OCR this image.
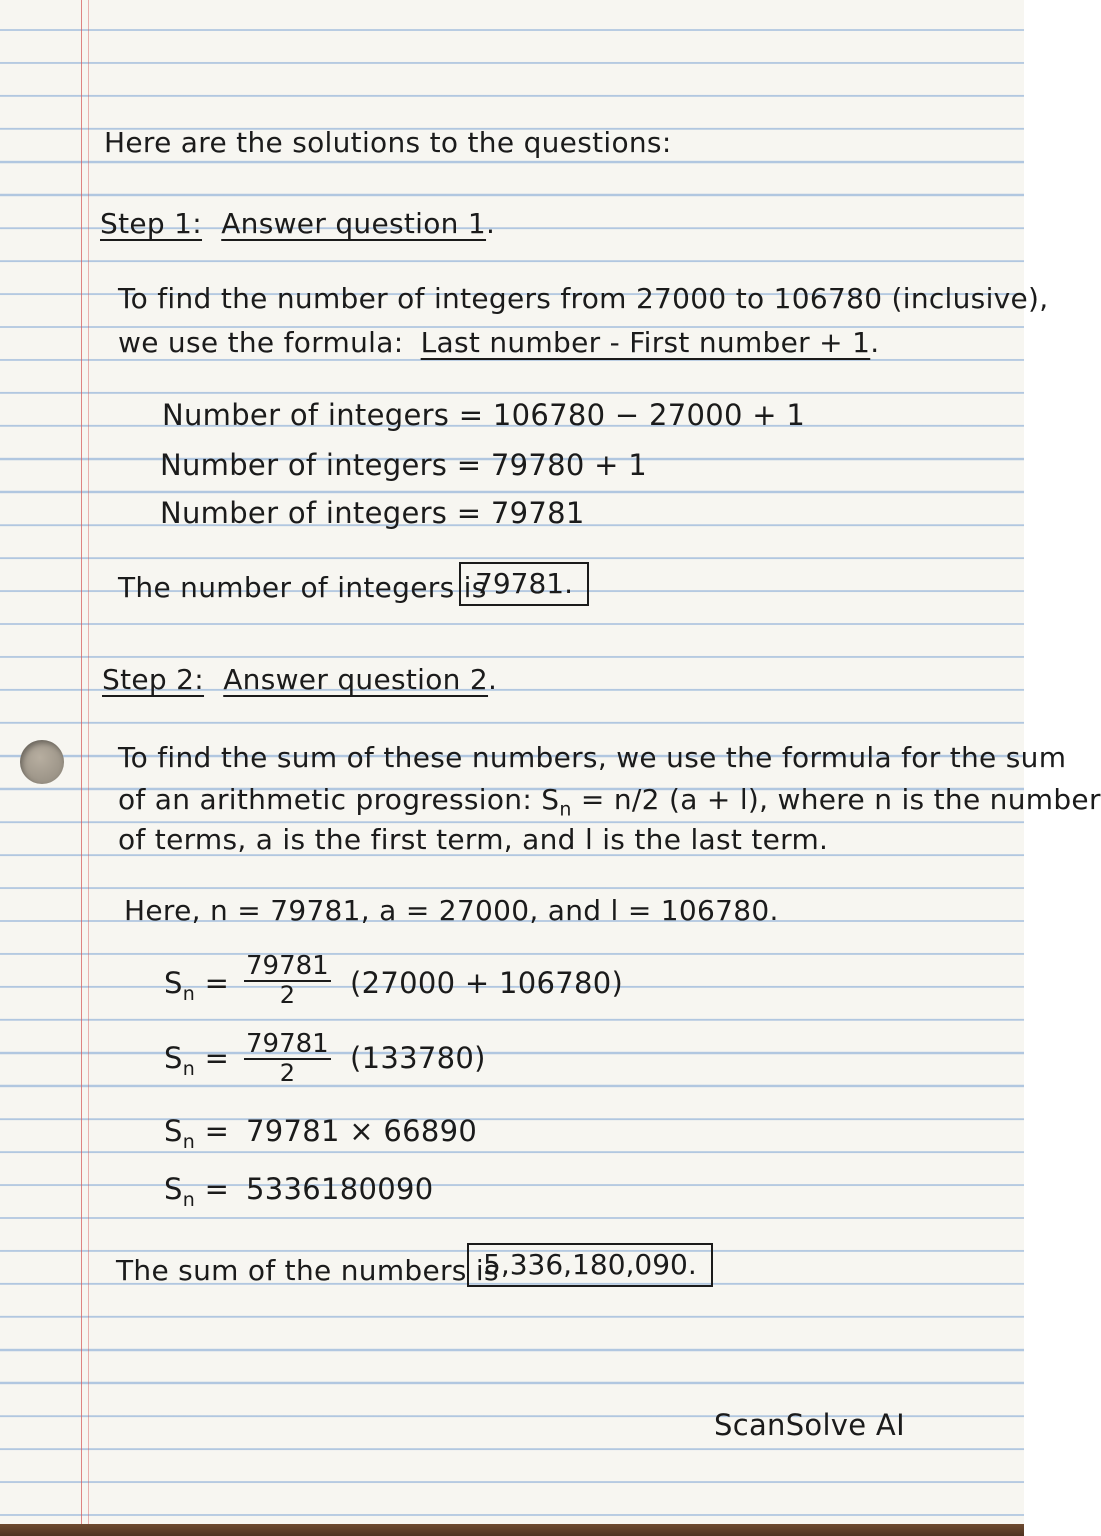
Here are the solutions to the questions:
Step 1: Answer question 1.
To find the number of integers from 27000 to 106780 (inclusive),
we use the formula: Last number - First number + 1.
Number of integers = 106780 − 27000 + 1
Number of integers = 79780 + 1
Number of integers = 79781
The number of integers is
79781.
Step 2: Answer question 2.
To find the sum of these numbers, we use the formula for the sum
of an arithmetic progression: $S_n = n/2$ (a + l), where n is the number
of terms, a is the first term, and l is the last term.
Here, n = 79781, a = 27000, and l = 106780.
$S_n = \frac{79781}{2} (27000 + 106780)$
$S_n = \frac{79781}{2} (133780)$
$S_n = 79781 \times 66890$
$S_n = 5336180090$
The sum of the numbers is
5,336,180,090.
ScanSolve AI
